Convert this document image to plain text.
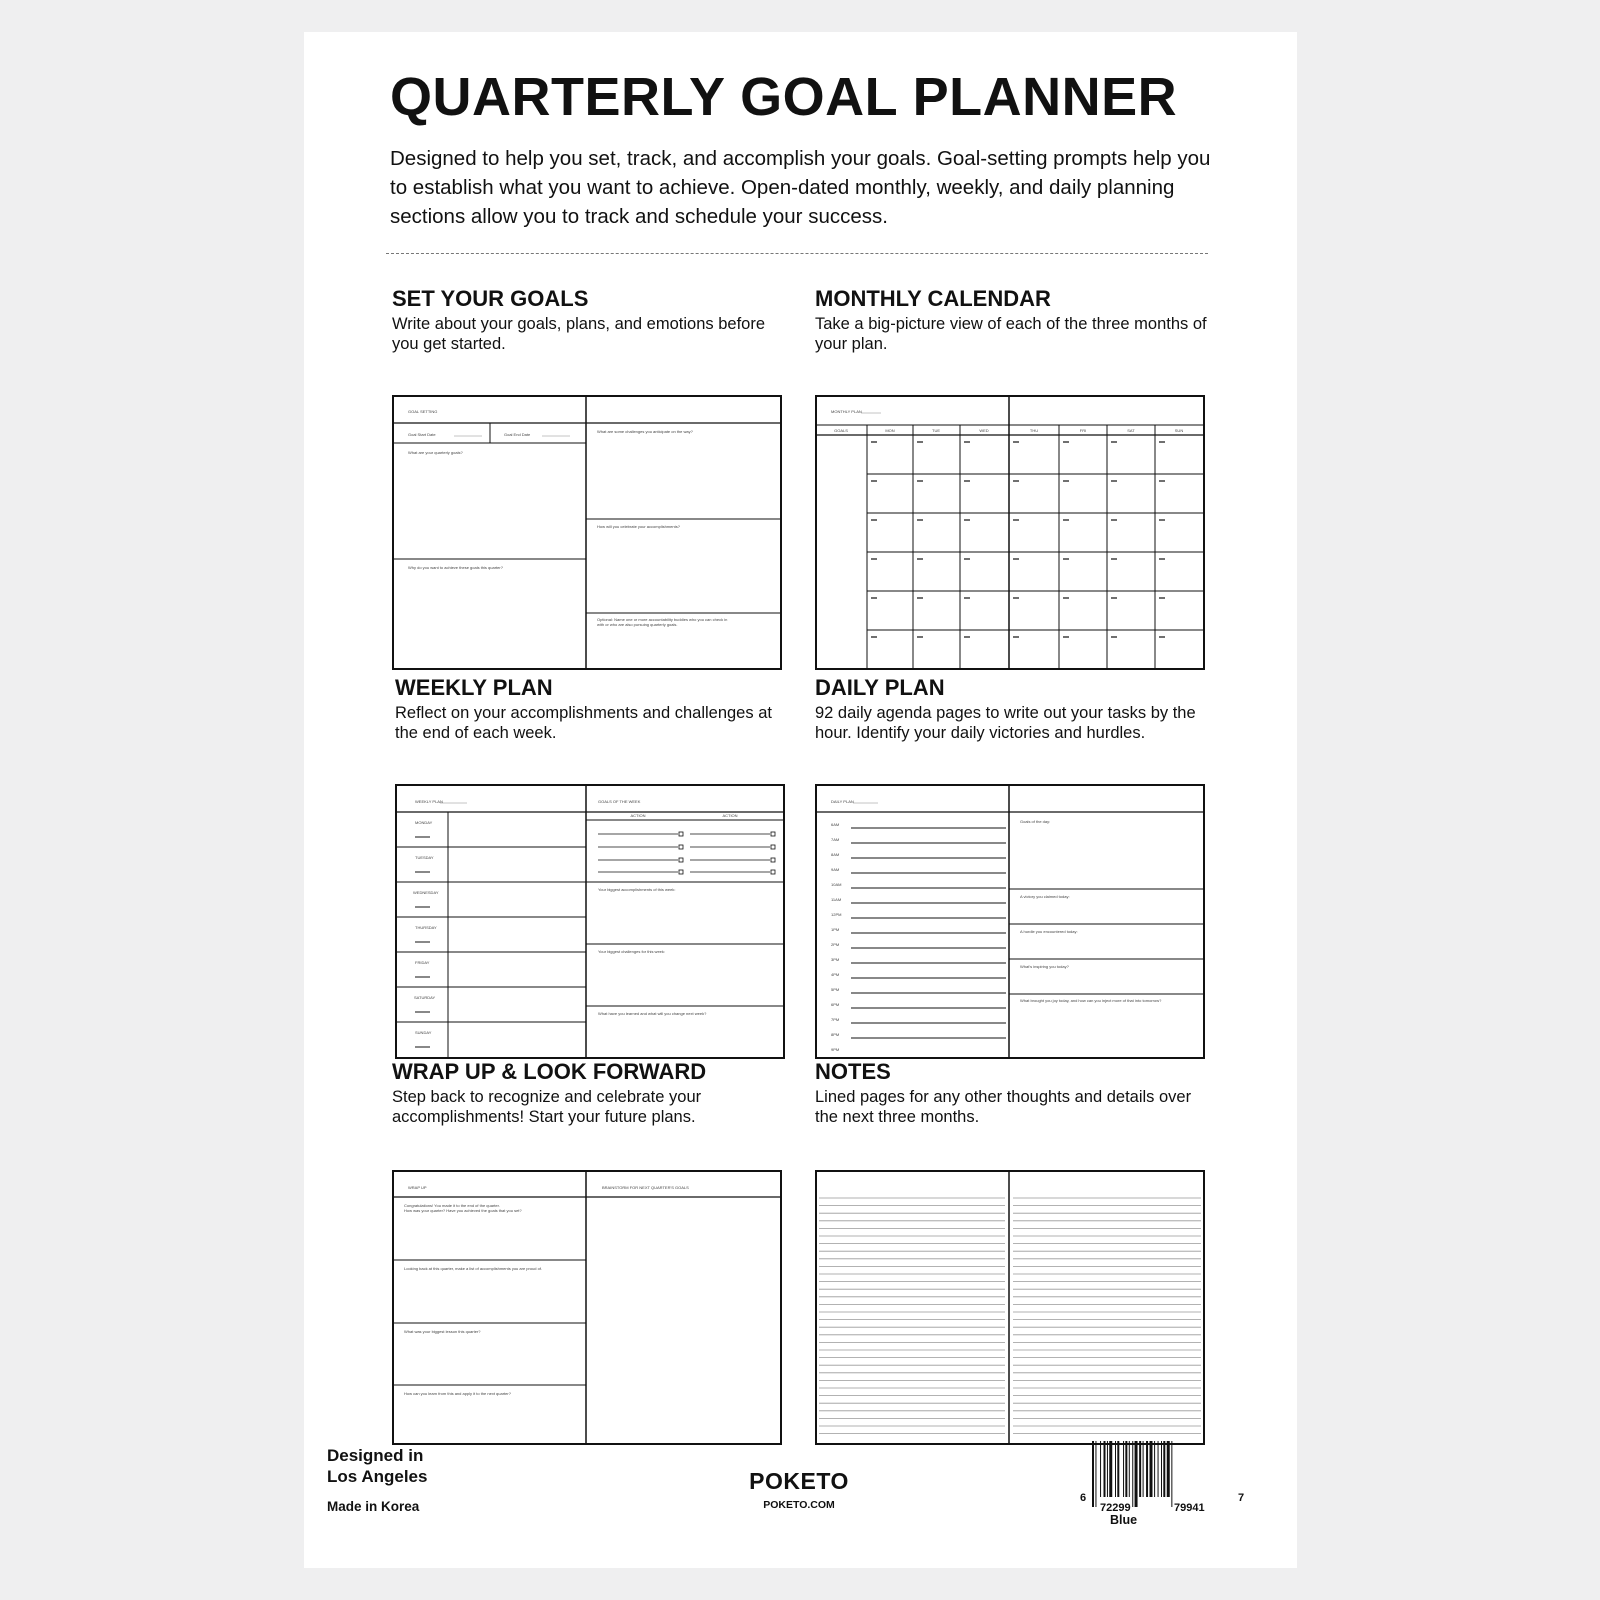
QUARTERLY GOAL PLANNER

Designed to help you set, track, and accomplish your goals. Goal-setting prompts help you to establish what you want to achieve. Open-dated monthly, weekly, and daily planning sections allow you to track and schedule your success.

SET YOUR GOALS

Write about your goals, plans, and emotions before you get started.

GOAL SETTING
Goal Start Date	Goal End Date
What are your quarterly goals?
Why do you want to achieve these goals this quarter?
What are some challenges you anticipate on the way?
How will you celebrate your accomplishments?
Optional: Name one or more accountability buddies who you can check in
with or who are also pursuing quarterly goals.
MONTHLY CALENDAR

Take a big-picture view of each of the three months of your plan.

MONTHLY PLAN
GOALS	MON	TUE	WED	THU	FRI	SAT	SUN
WEEKLY PLAN

Reflect on your accomplishments and challenges at the end of each week.

WEEKLY PLAN
MONDAY
TUESDAY
WEDNESDAY
THURSDAY
FRIDAY
SATURDAY
SUNDAY
GOALS OF THE WEEK
ACTION	ACTION
Your biggest accomplishments of this week:
Your biggest challenges for this week:
What have you learned and what will you change next week?
DAILY PLAN

92 daily agenda pages to write out your tasks by the hour. Identify your daily victories and hurdles.

DAILY PLAN
6AM
7AM
8AM
9AM
10AM
11AM
12PM
1PM
2PM
3PM
4PM
5PM
6PM
7PM
8PM
9PM
Goals of the day:
A victory you claimed today:
A hurdle you encountered today:
What's inspiring you today?
What brought you joy today, and how can you inject more of that into tomorrow?
WRAP UP & LOOK FORWARD

Step back to recognize and celebrate your accomplishments! Start your future plans.

WRAP UP	BRAINSTORM FOR NEXT QUARTER'S GOALS
Congratulations! You made it to the end of the quarter.
How was your quarter? Have you achieved the goals that you set?
Looking back at this quarter, make a list of accomplishments you are proud of.
What was your biggest lesson this quarter?
How can you learn from this and apply it to the next quarter?
NOTES

Lined pages for any other thoughts and details over the next three months.

Designed in
Los Angeles

Made in Korea

POKETO

POKETO.COM

6
72299	79941
7

Blue
